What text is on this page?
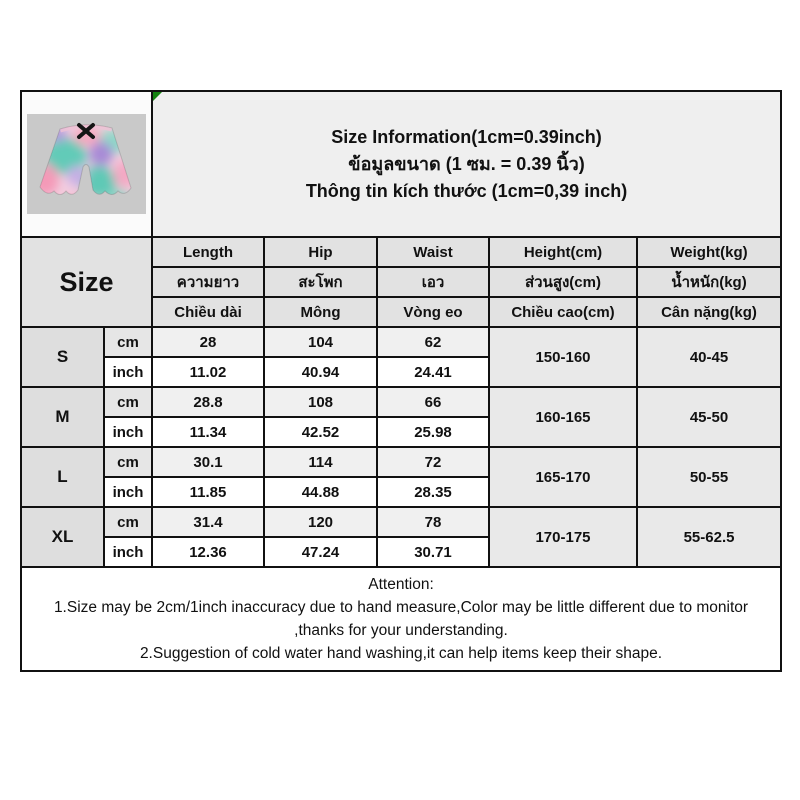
Size Information(1cm=0.39inch)
ข้อมูลขนาด (1 ซม. = 0.39 นิ้ว)
Thông tin kích thước (1cm=0,39 inch)				

Size		Length	Hip	Waist	Height(cm)	Weight(kg)
		ความยาว	สะโพก	เอว	ส่วนสูง(cm)	น้ำหนัก(kg)
		Chiều dài	Mông	Vòng eo	Chiều cao(cm)	Cân nặng(kg)
S	cm	28	104	62	150-160	40-45
	inch	11.02	40.94	24.41		
M	cm	28.8	108	66	160-165	45-50
	inch	11.34	42.52	25.98		
L	cm	30.1	114	72	165-170	50-55
	inch	11.85	44.88	28.35		
XL	cm	31.4	120	78	170-175	55-62.5
	inch	12.36	47.24	30.71		

Attention:
1.Size may be 2cm/1inch inaccuracy due to hand measure,Color may be little different due to monitor
,thanks for your understanding.
2.Suggestion of cold water hand washing,it can help items keep their shape.						
